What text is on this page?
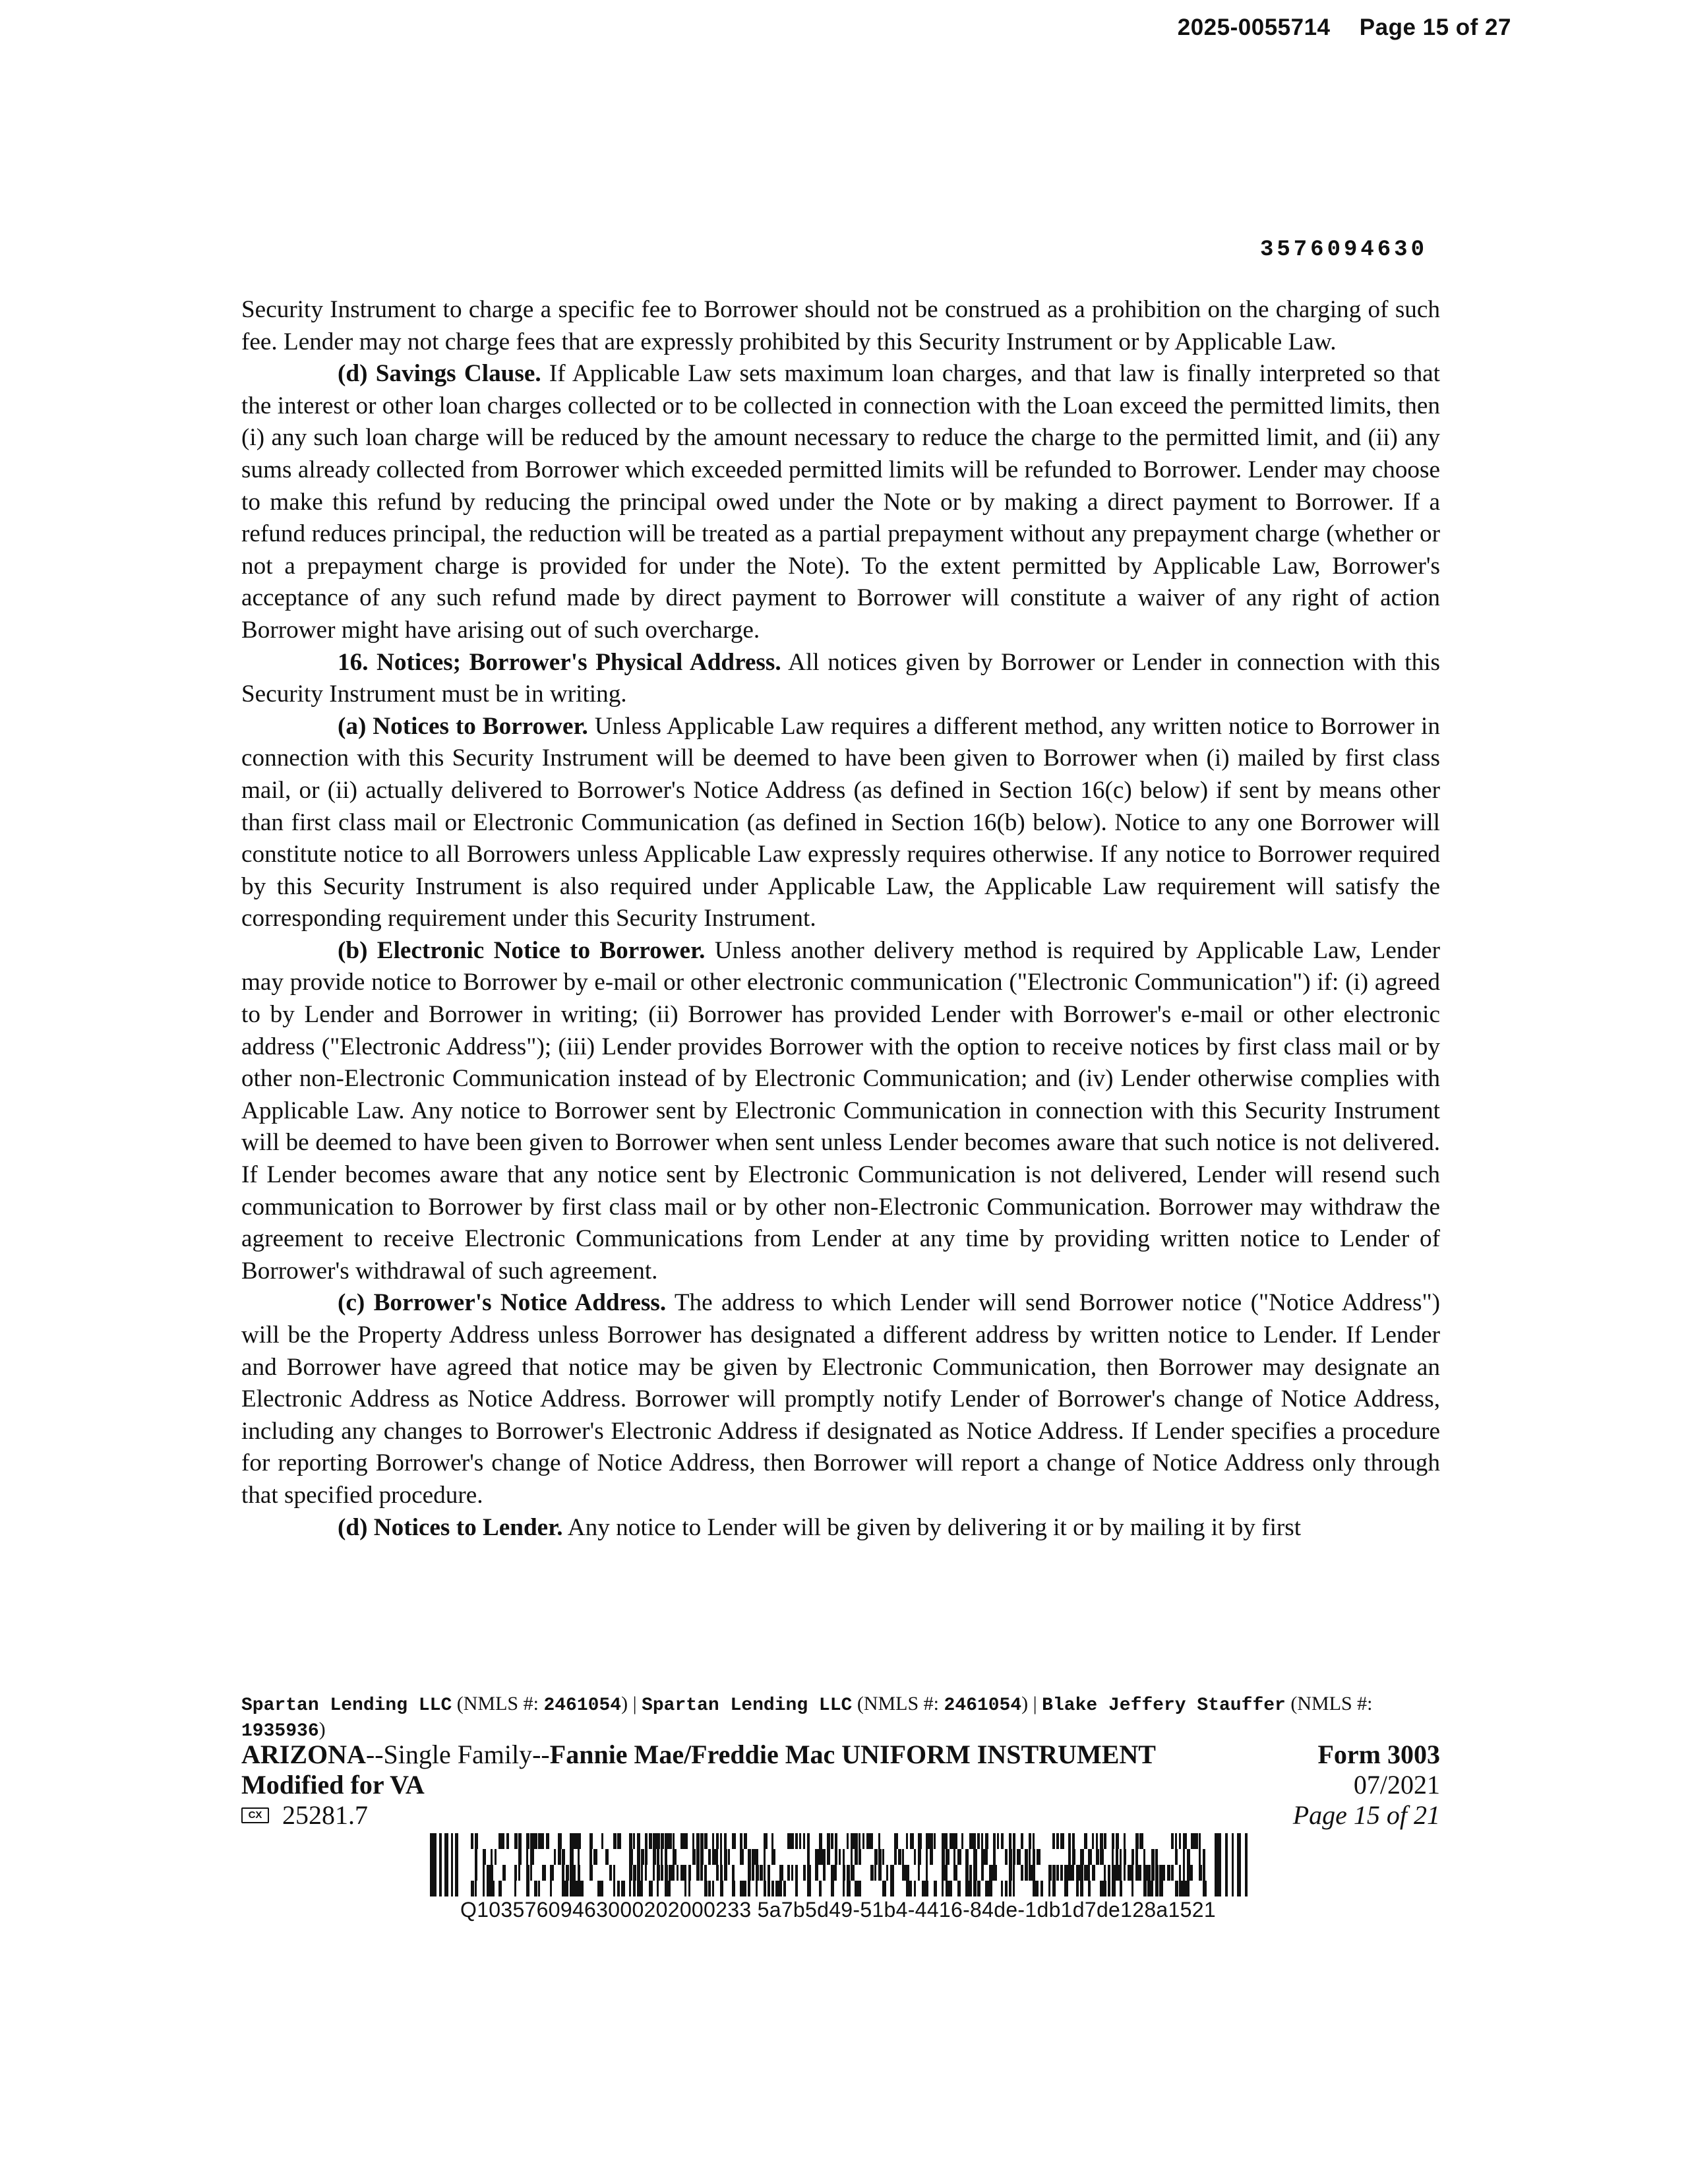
2025-0055714 Page 15 of 27
3576094630

Security Instrument to charge a specific fee to Borrower should not be construed as a prohibition on the charging of such fee. Lender may not charge fees that are expressly prohibited by this Security Instrument or by Applicable Law.

(d) Savings Clause. If Applicable Law sets maximum loan charges, and that law is finally interpreted so that the interest or other loan charges collected or to be collected in connection with the Loan exceed the permitted limits, then (i) any such loan charge will be reduced by the amount necessary to reduce the charge to the permitted limit, and (ii) any sums already collected from Borrower which exceeded permitted limits will be refunded to Borrower. Lender may choose to make this refund by reducing the principal owed under the Note or by making a direct payment to Borrower. If a refund reduces principal, the reduction will be treated as a partial prepayment without any prepayment charge (whether or not a prepayment charge is provided for under the Note). To the extent permitted by Applicable Law, Borrower's acceptance of any such refund made by direct payment to Borrower will constitute a waiver of any right of action Borrower might have arising out of such overcharge.

16. Notices; Borrower's Physical Address. All notices given by Borrower or Lender in connection with this Security Instrument must be in writing.

(a) Notices to Borrower. Unless Applicable Law requires a different method, any written notice to Borrower in connection with this Security Instrument will be deemed to have been given to Borrower when (i) mailed by first class mail, or (ii) actually delivered to Borrower's Notice Address (as defined in Section 16(c) below) if sent by means other than first class mail or Electronic Communication (as defined in Section 16(b) below). Notice to any one Borrower will constitute notice to all Borrowers unless Applicable Law expressly requires otherwise. If any notice to Borrower required by this Security Instrument is also required under Applicable Law, the Applicable Law requirement will satisfy the corresponding requirement under this Security Instrument.

(b) Electronic Notice to Borrower. Unless another delivery method is required by Applicable Law, Lender may provide notice to Borrower by e-mail or other electronic communication ("Electronic Communication") if: (i) agreed to by Lender and Borrower in writing; (ii) Borrower has provided Lender with Borrower's e-mail or other electronic address ("Electronic Address"); (iii) Lender provides Borrower with the option to receive notices by first class mail or by other non-Electronic Communication instead of by Electronic Communication; and (iv) Lender otherwise complies with Applicable Law. Any notice to Borrower sent by Electronic Communication in connection with this Security Instrument will be deemed to have been given to Borrower when sent unless Lender becomes aware that such notice is not delivered. If Lender becomes aware that any notice sent by Electronic Communication is not delivered, Lender will resend such communication to Borrower by first class mail or by other non-Electronic Communication. Borrower may withdraw the agreement to receive Electronic Communications from Lender at any time by providing written notice to Lender of Borrower's withdrawal of such agreement.

(c) Borrower's Notice Address. The address to which Lender will send Borrower notice ("Notice Address") will be the Property Address unless Borrower has designated a different address by written notice to Lender. If Lender and Borrower have agreed that notice may be given by Electronic Communication, then Borrower may designate an Electronic Address as Notice Address. Borrower will promptly notify Lender of Borrower's change of Notice Address, including any changes to Borrower's Electronic Address if designated as Notice Address. If Lender specifies a procedure for reporting Borrower's change of Notice Address, then Borrower will report a change of Notice Address only through that specified procedure.

(d) Notices to Lender. Any notice to Lender will be given by delivering it or by mailing it by first

Spartan Lending LLC (NMLS #: 2461054) | Spartan Lending LLC (NMLS #: 2461054) | Blake Jeffery Stauffer (NMLS #: 1935936)
ARIZONA--Single Family--Fannie Mae/Freddie Mac UNIFORM INSTRUMENT	Form 3003
Modified for VA	07/2021
CX 25281.7	Page 15 of 21
Q10357609463000202000233 5a7b5d49-51b4-4416-84de-1db1d7de128a1521
